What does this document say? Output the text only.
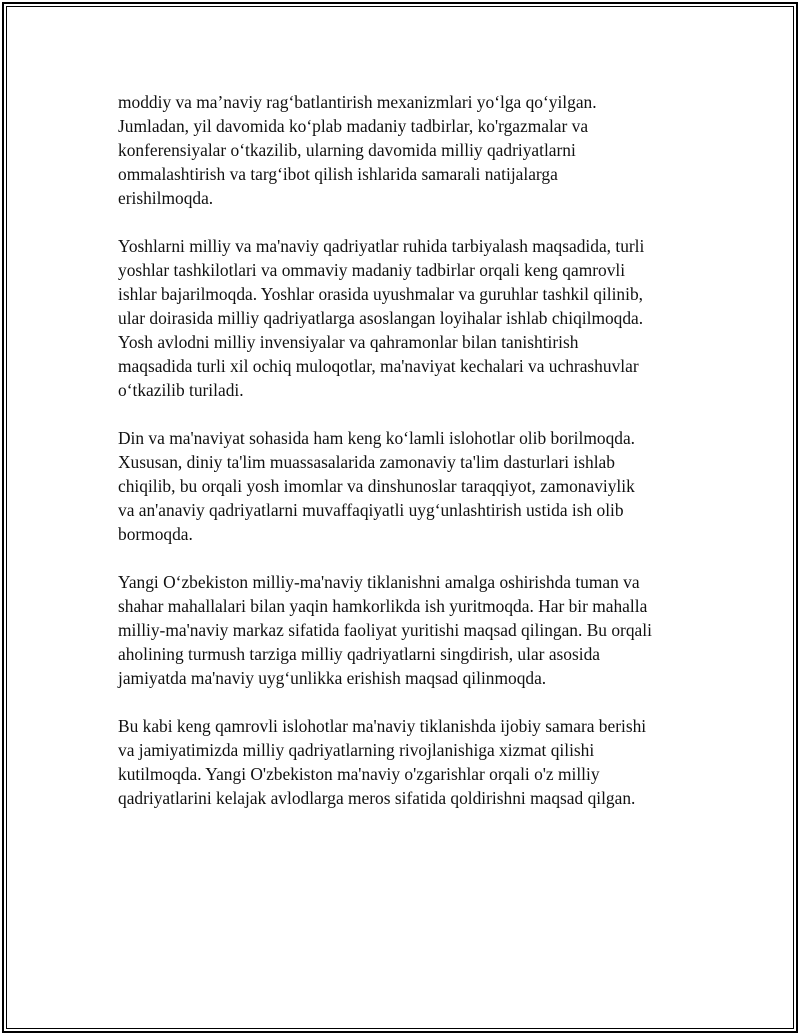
moddiy va ma’naviy rag‘batlantirish mexanizmlari yo‘lga qo‘yilgan.
Jumladan, yil davomida ko‘plab madaniy tadbirlar, ko'rgazmalar va
konferensiyalar o‘tkazilib, ularning davomida milliy qadriyatlarni
ommalashtirish va targ‘ibot qilish ishlarida samarali natijalarga
erishilmoqda.

Yoshlarni milliy va ma'naviy qadriyatlar ruhida tarbiyalash maqsadida, turli
yoshlar tashkilotlari va ommaviy madaniy tadbirlar orqali keng qamrovli
ishlar bajarilmoqda. Yoshlar orasida uyushmalar va guruhlar tashkil qilinib,
ular doirasida milliy qadriyatlarga asoslangan loyihalar ishlab chiqilmoqda.
Yosh avlodni milliy invensiyalar va qahramonlar bilan tanishtirish
maqsadida turli xil ochiq muloqotlar, ma'naviyat kechalari va uchrashuvlar
o‘tkazilib turiladi.

Din va ma'naviyat sohasida ham keng ko‘lamli islohotlar olib borilmoqda.
Xususan, diniy ta'lim muassasalarida zamonaviy ta'lim dasturlari ishlab
chiqilib, bu orqali yosh imomlar va dinshunoslar taraqqiyot, zamonaviylik
va an'anaviy qadriyatlarni muvaffaqiyatli uyg‘unlashtirish ustida ish olib
bormoqda.

Yangi O‘zbekiston milliy-ma'naviy tiklanishni amalga oshirishda tuman va
shahar mahallalari bilan yaqin hamkorlikda ish yuritmoqda. Har bir mahalla
milliy-ma'naviy markaz sifatida faoliyat yuritishi maqsad qilingan. Bu orqali
aholining turmush tarziga milliy qadriyatlarni singdirish, ular asosida
jamiyatda ma'naviy uyg‘unlikka erishish maqsad qilinmoqda.

Bu kabi keng qamrovli islohotlar ma'naviy tiklanishda ijobiy samara berishi
va jamiyatimizda milliy qadriyatlarning rivojlanishiga xizmat qilishi
kutilmoqda. Yangi O'zbekiston ma'naviy o'zgarishlar orqali o'z milliy
qadriyatlarini kelajak avlodlarga meros sifatida qoldirishni maqsad qilgan.
